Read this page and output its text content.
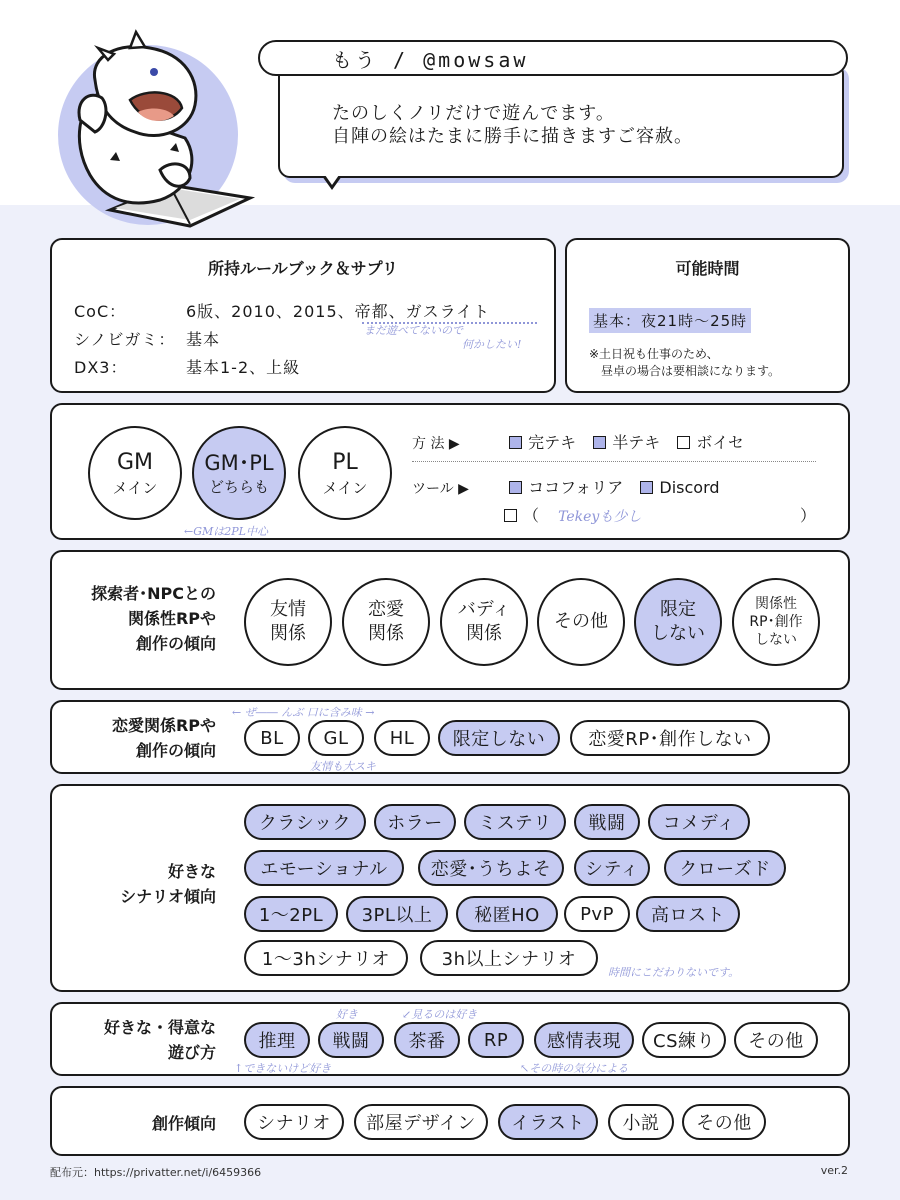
もう / @mowsaw
たのしくノリだけで遊んでます。
自陣の絵はたまに勝手に描きますご容赦。
所持ルールブック＆サプリ
CoC：	6版、2010、2015、帝都、ガスライト
シノビガミ： 基本
DX3：	基本1-2、上級
まだ遊べてないので
何かしたい!
可能時間
基本：夜21時～25時
※土日祝も仕事のため、
　昼卓の場合は要相談になります。
GM
メイン
GM･PL
どちらも
PL
メイン
←GMは2PL中心
方 法 ▶	完テキ 半テキ ボイセ
ツール ▶	ココフォリア Discord
（ Tekeyも少し	）
探索者･NPCとの
関係性RPや
創作の傾向
友情
関係
恋愛
関係
バディ
関係
その他
限定
しない
関係性
RP･創作
しない
恋愛関係RPや
創作の傾向
← ぜ―― んぶ 口に含み味 →
BL	GL	HL	限定しない	恋愛RP･創作しない
友情も大スキ
好きな
シナリオ傾向
クラシック	ホラー	ミステリ	戦闘	コメディ
エモーショナル	恋愛･うちよそ	シティ	クローズド
1～2PL	3PL以上	秘匿HO	PvP	高ロスト
1～3hシナリオ	3h以上シナリオ
時間にこだわりないです。
好きな・得意な
遊び方
好き	↙見るのは好き
推理	戦闘	茶番	RP	感情表現	CS練り	その他
↑できないけど好き	↖その時の気分による
創作傾向	シナリオ	部屋デザイン	イラスト	小説	その他
配布元：https://privatter.net/i/6459366	ver.2
